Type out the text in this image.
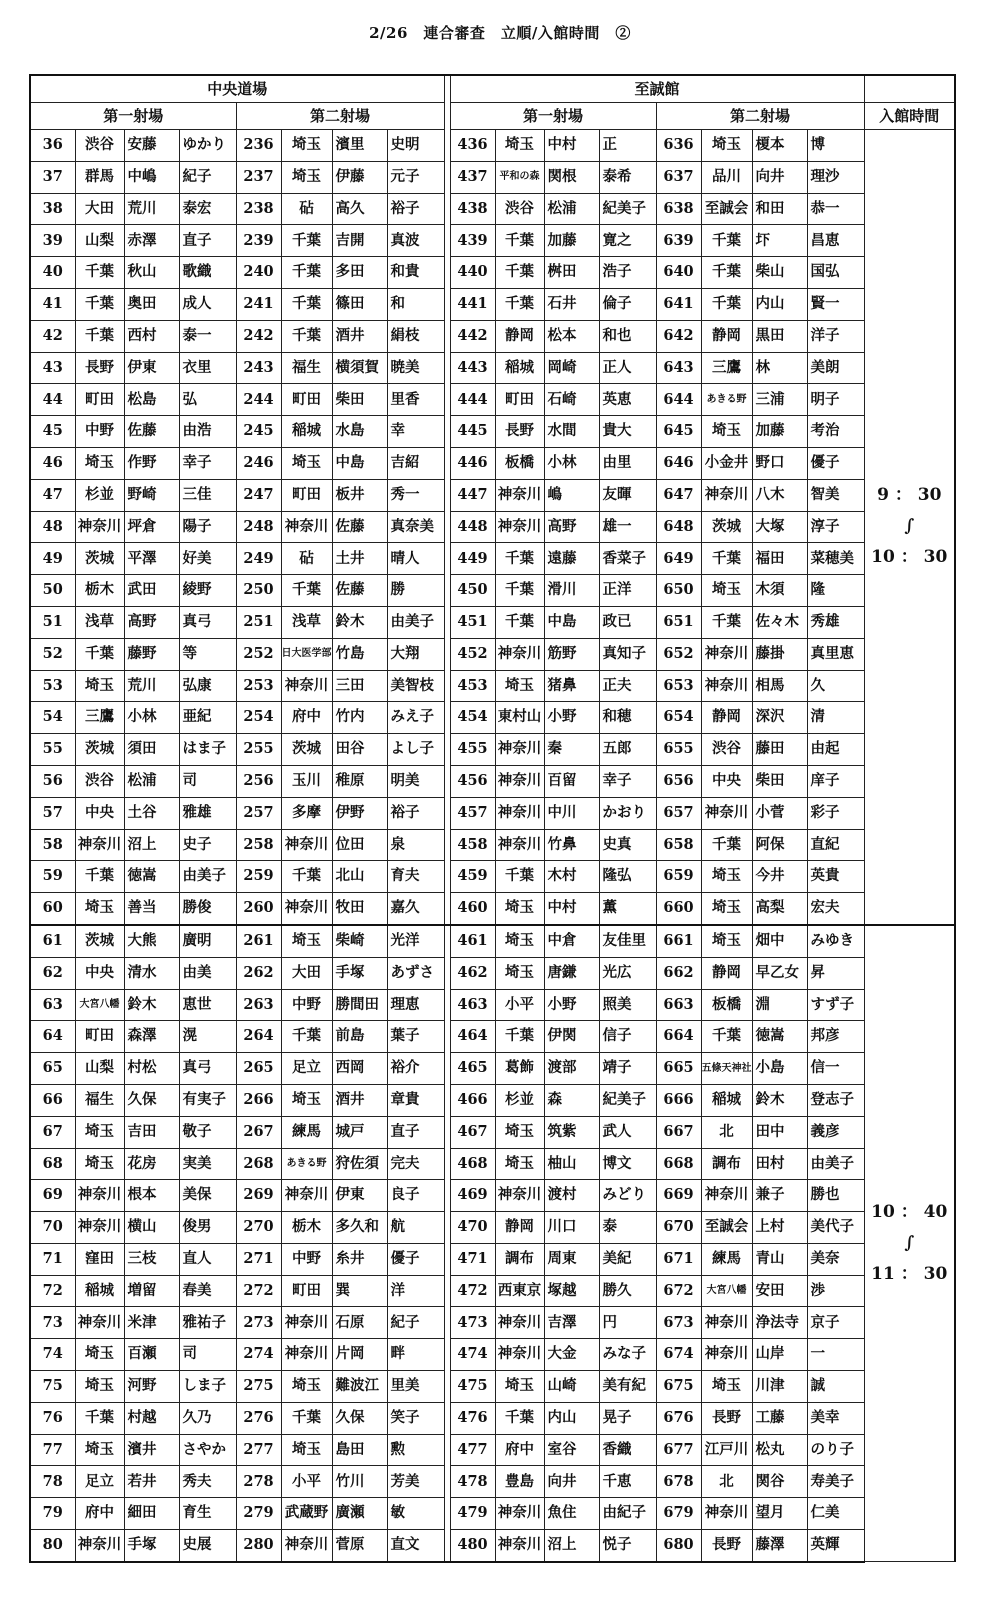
2/26　連合審査　立順/入館時間　②
中央道場									至誠館								
第一射場				第二射場					第一射場				第二射場				入館時間
36	渋谷	安藤	ゆかり	236	埼玉	濱里	史明		436	埼玉	中村	正	636	埼玉	榎本	博	9 ： 30
∫
10 ： 30

37	群馬	中嶋	紀子	237	埼玉	伊藤	元子		437	平和の森	関根	泰希	637	品川	向井	理沙	
38	大田	荒川	泰宏	238	砧	高久	裕子		438	渋谷	松浦	紀美子	638	至誠会	和田	恭一	
39	山梨	赤澤	直子	239	千葉	吉開	真波		439	千葉	加藤	寛之	639	千葉	圷	昌恵	
40	千葉	秋山	歌織	240	千葉	多田	和貴		440	千葉	桝田	浩子	640	千葉	柴山	国弘	
41	千葉	奥田	成人	241	千葉	篠田	和		441	千葉	石井	倫子	641	千葉	内山	賢一	
42	千葉	西村	泰一	242	千葉	酒井	絹枝		442	静岡	松本	和也	642	静岡	黒田	洋子	
43	長野	伊東	衣里	243	福生	横須賀	暁美		443	稲城	岡崎	正人	643	三鷹	林	美朗	
44	町田	松島	弘	244	町田	柴田	里香		444	町田	石崎	英恵	644	あきる野	三浦	明子	
45	中野	佐藤	由浩	245	稲城	水島	幸		445	長野	水間	貴大	645	埼玉	加藤	考治	
46	埼玉	作野	幸子	246	埼玉	中島	吉紹		446	板橋	小林	由里	646	小金井	野口	優子	
47	杉並	野崎	三佳	247	町田	板井	秀一		447	神奈川	嶋	友暉	647	神奈川	八木	智美	
48	神奈川	坪倉	陽子	248	神奈川	佐藤	真奈美		448	神奈川	高野	雄一	648	茨城	大塚	淳子	
49	茨城	平澤	好美	249	砧	土井	晴人		449	千葉	遠藤	香菜子	649	千葉	福田	菜穂美	
50	栃木	武田	綾野	250	千葉	佐藤	勝		450	千葉	滑川	正洋	650	埼玉	木須	隆	
51	浅草	高野	真弓	251	浅草	鈴木	由美子		451	千葉	中島	政已	651	千葉	佐々木	秀雄	
52	千葉	藤野	等	252	日大医学部	竹島	大翔		452	神奈川	筋野	真知子	652	神奈川	藤掛	真里恵	
53	埼玉	荒川	弘康	253	神奈川	三田	美智枝		453	埼玉	猪鼻	正夫	653	神奈川	相馬	久	
54	三鷹	小林	亜紀	254	府中	竹内	みえ子		454	東村山	小野	和穂	654	静岡	深沢	清	
55	茨城	須田	はま子	255	茨城	田谷	よし子		455	神奈川	秦	五郎	655	渋谷	藤田	由起	
56	渋谷	松浦	司	256	玉川	稚原	明美		456	神奈川	百留	幸子	656	中央	柴田	庠子	
57	中央	土谷	雅雄	257	多摩	伊野	裕子		457	神奈川	中川	かおり	657	神奈川	小菅	彩子	
58	神奈川	沼上	史子	258	神奈川	位田	泉		458	神奈川	竹鼻	史真	658	千葉	阿保	直紀	
59	千葉	徳嵩	由美子	259	千葉	北山	育夫		459	千葉	木村	隆弘	659	埼玉	今井	英貴	
60	埼玉	善当	勝俊	260	神奈川	牧田	嘉久		460	埼玉	中村	薫	660	埼玉	高梨	宏夫	
61	茨城	大熊	廣明	261	埼玉	柴崎	光洋		461	埼玉	中倉	友佳里	661	埼玉	畑中	みゆき	10 ： 40
∫
11 ： 30

62	中央	清水	由美	262	大田	手塚	あずさ		462	埼玉	唐鎌	光広	662	静岡	早乙女	昇	
63	大宮八幡	鈴木	恵世	263	中野	勝間田	理恵		463	小平	小野	照美	663	板橋	淵	すず子	
64	町田	森澤	滉	264	千葉	前島	葉子		464	千葉	伊関	信子	664	千葉	徳嵩	邦彦	
65	山梨	村松	真弓	265	足立	西岡	裕介		465	葛飾	渡部	靖子	665	五條天神社	小島	信一	
66	福生	久保	有実子	266	埼玉	酒井	章貴		466	杉並	森	紀美子	666	稲城	鈴木	登志子	
67	埼玉	吉田	敬子	267	練馬	城戸	直子		467	埼玉	筑紫	武人	667	北	田中	義彦	
68	埼玉	花房	実美	268	あきる野	狩佐須	完夫		468	埼玉	柚山	博文	668	調布	田村	由美子	
69	神奈川	根本	美保	269	神奈川	伊東	良子		469	神奈川	渡村	みどり	669	神奈川	兼子	勝也	
70	神奈川	横山	俊男	270	栃木	多久和	航		470	静岡	川口	泰	670	至誠会	上村	美代子	
71	窪田	三枝	直人	271	中野	糸井	優子		471	調布	周東	美紀	671	練馬	青山	美奈	
72	稲城	増留	春美	272	町田	巽	洋		472	西東京	塚越	勝久	672	大宮八幡	安田	渉	
73	神奈川	米津	雅祐子	273	神奈川	石原	紀子		473	神奈川	吉澤	円	673	神奈川	浄法寺	京子	
74	埼玉	百瀬	司	274	神奈川	片岡	畔		474	神奈川	大金	みな子	674	神奈川	山岸	一	
75	埼玉	河野	しま子	275	埼玉	難波江	里美		475	埼玉	山崎	美有紀	675	埼玉	川津	誠	
76	千葉	村越	久乃	276	千葉	久保	笑子		476	千葉	内山	晃子	676	長野	工藤	美幸	
77	埼玉	濱井	さやか	277	埼玉	島田	勲		477	府中	室谷	香織	677	江戸川	松丸	のり子	
78	足立	若井	秀夫	278	小平	竹川	芳美		478	豊島	向井	千恵	678	北	関谷	寿美子	
79	府中	細田	育生	279	武蔵野	廣瀬	敏		479	神奈川	魚住	由紀子	679	神奈川	望月	仁美	
80	神奈川	手塚	史展	280	神奈川	菅原	直文		480	神奈川	沼上	悦子	680	長野	藤澤	英輝	
